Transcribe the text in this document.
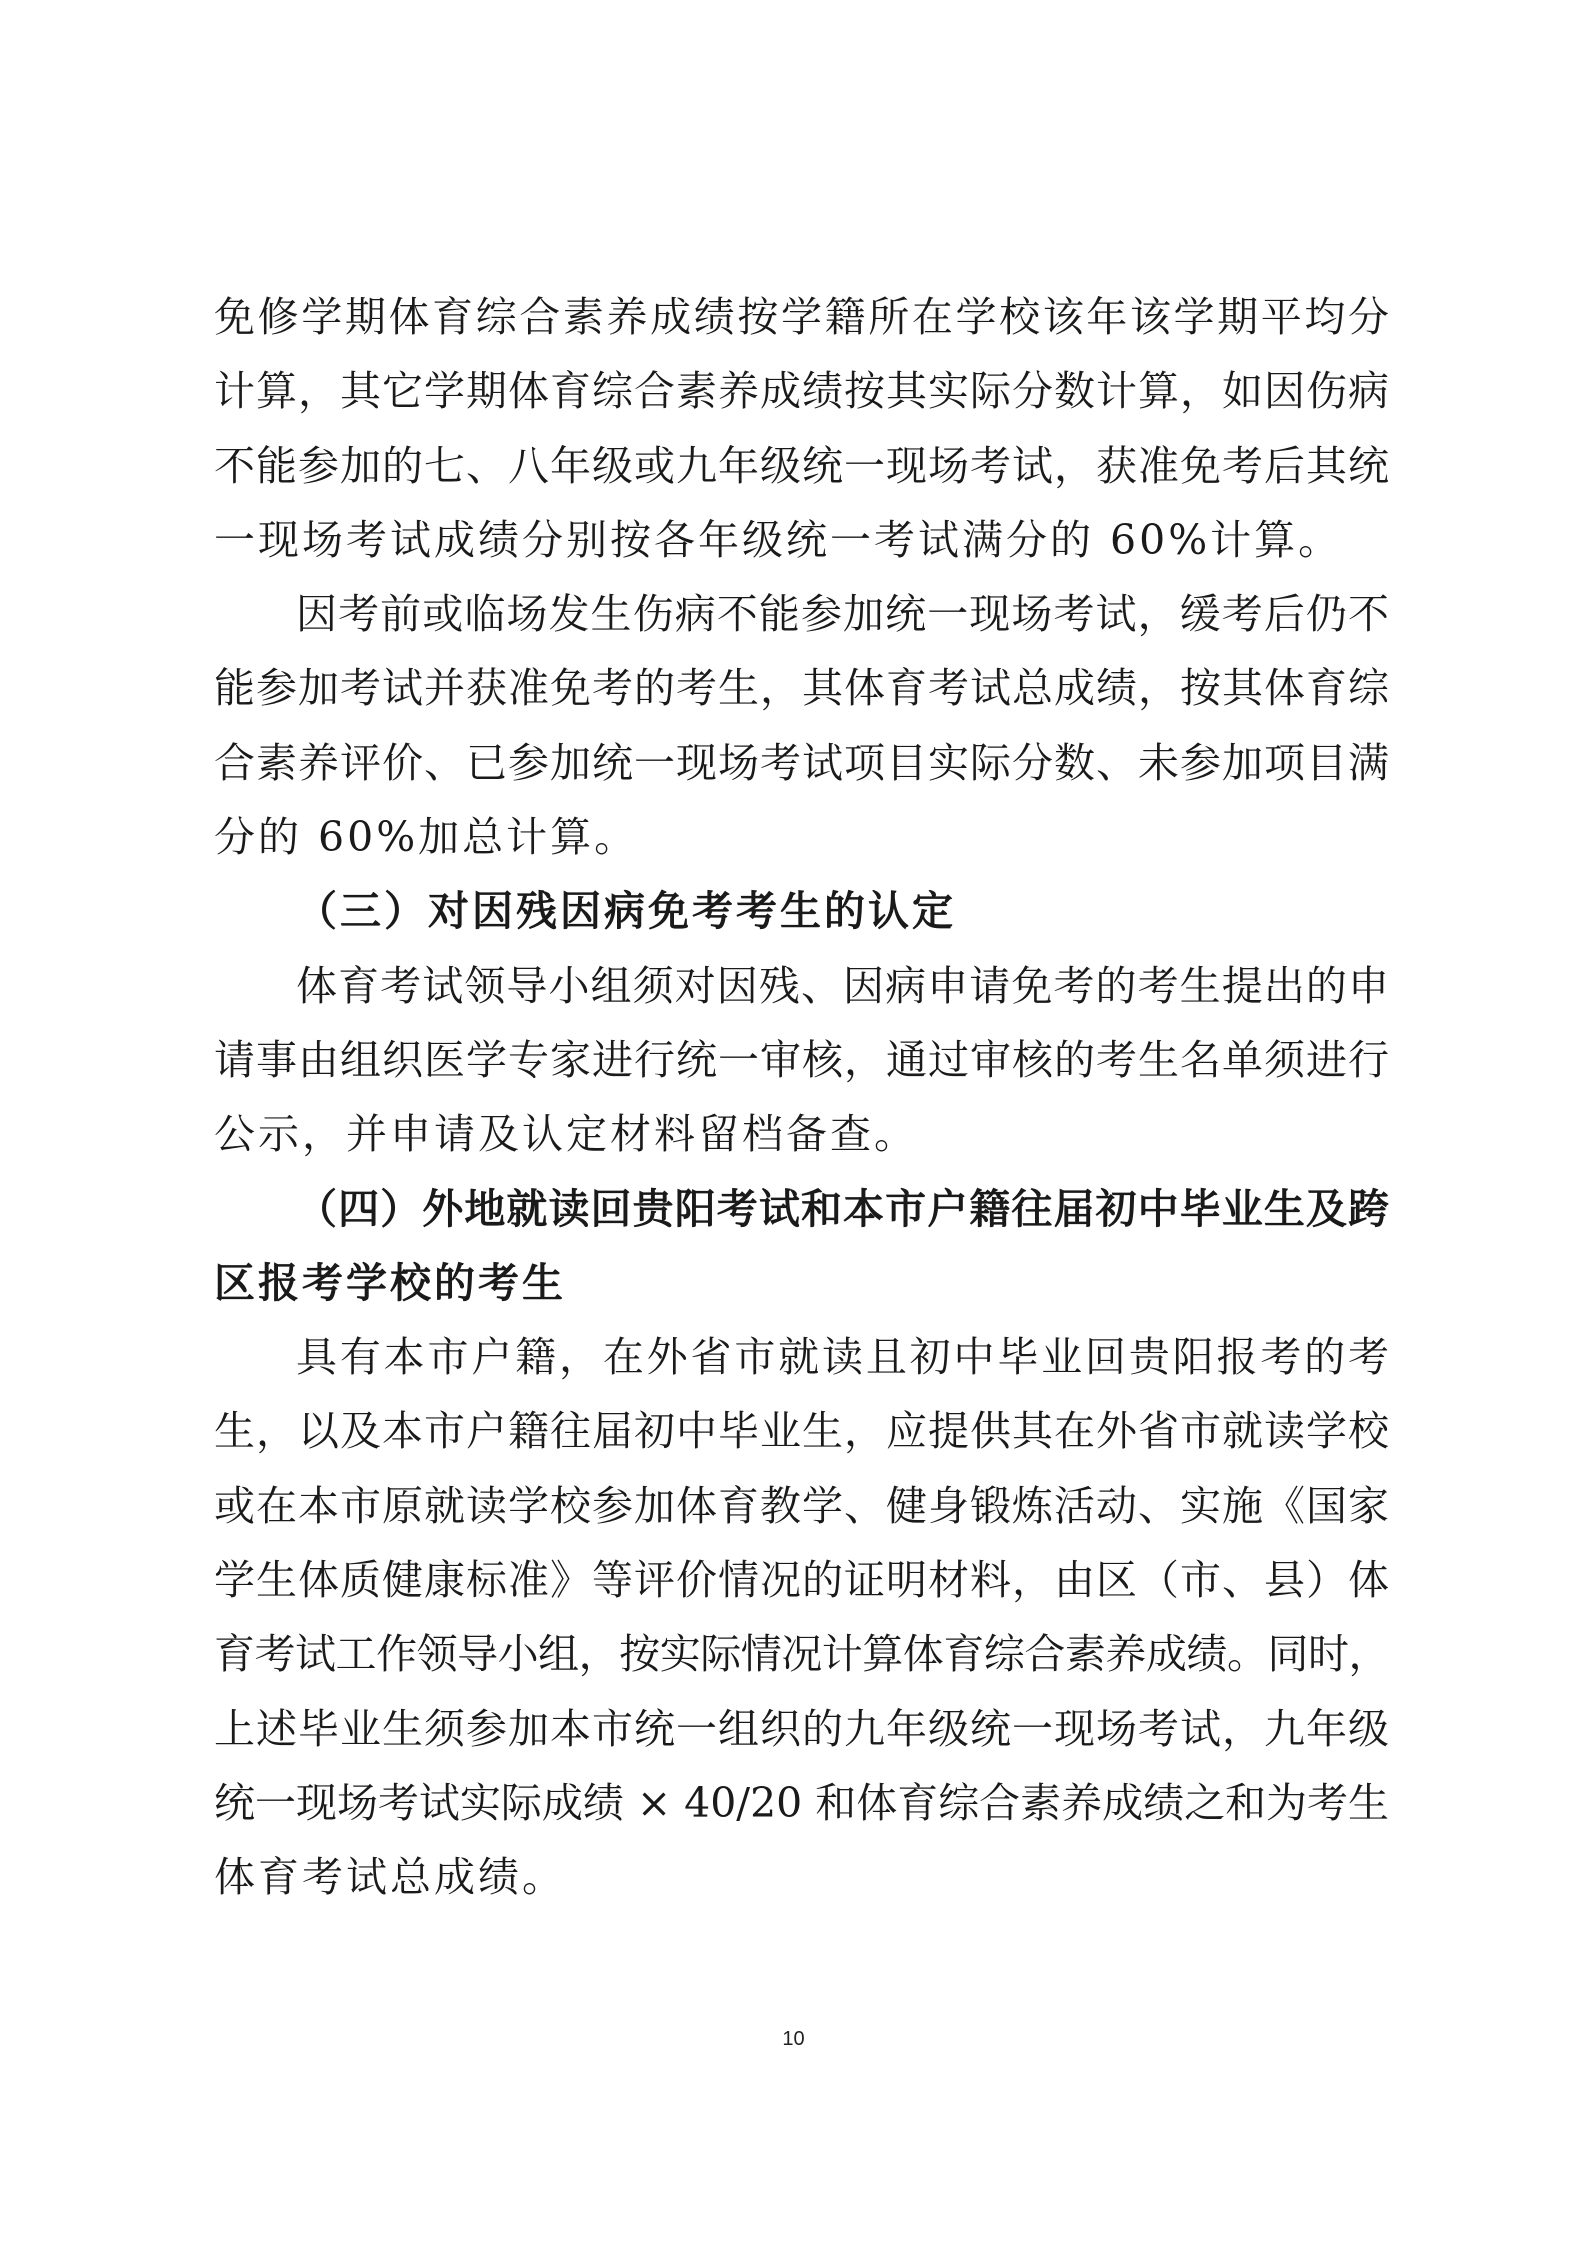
免修学期体育综合素养成绩按学籍所在学校该年该学期平均分
计算，其它学期体育综合素养成绩按其实际分数计算，如因伤病
不能参加的七、八年级或九年级统一现场考试，获准免考后其统
一现场考试成绩分别按各年级统一考试满分的 60%计算。
因考前或临场发生伤病不能参加统一现场考试，缓考后仍不
能参加考试并获准免考的考生，其体育考试总成绩，按其体育综
合素养评价、已参加统一现场考试项目实际分数、未参加项目满
分的 60%加总计算。
（三）对因残因病免考考生的认定
体育考试领导小组须对因残、因病申请免考的考生提出的申
请事由组织医学专家进行统一审核，通过审核的考生名单须进行
公示，并申请及认定材料留档备查。
（四）外地就读回贵阳考试和本市户籍往届初中毕业生及跨
区报考学校的考生
具有本市户籍，在外省市就读且初中毕业回贵阳报考的考
生，以及本市户籍往届初中毕业生，应提供其在外省市就读学校
或在本市原就读学校参加体育教学、健身锻炼活动、实施《国家
学生体质健康标准》等评价情况的证明材料，由区（市、县）体
育考试工作领导小组，按实际情况计算体育综合素养成绩。同时，
上述毕业生须参加本市统一组织的九年级统一现场考试，九年级
统一现场考试实际成绩 × 40/20 和体育综合素养成绩之和为考生
体育考试总成绩。
10
